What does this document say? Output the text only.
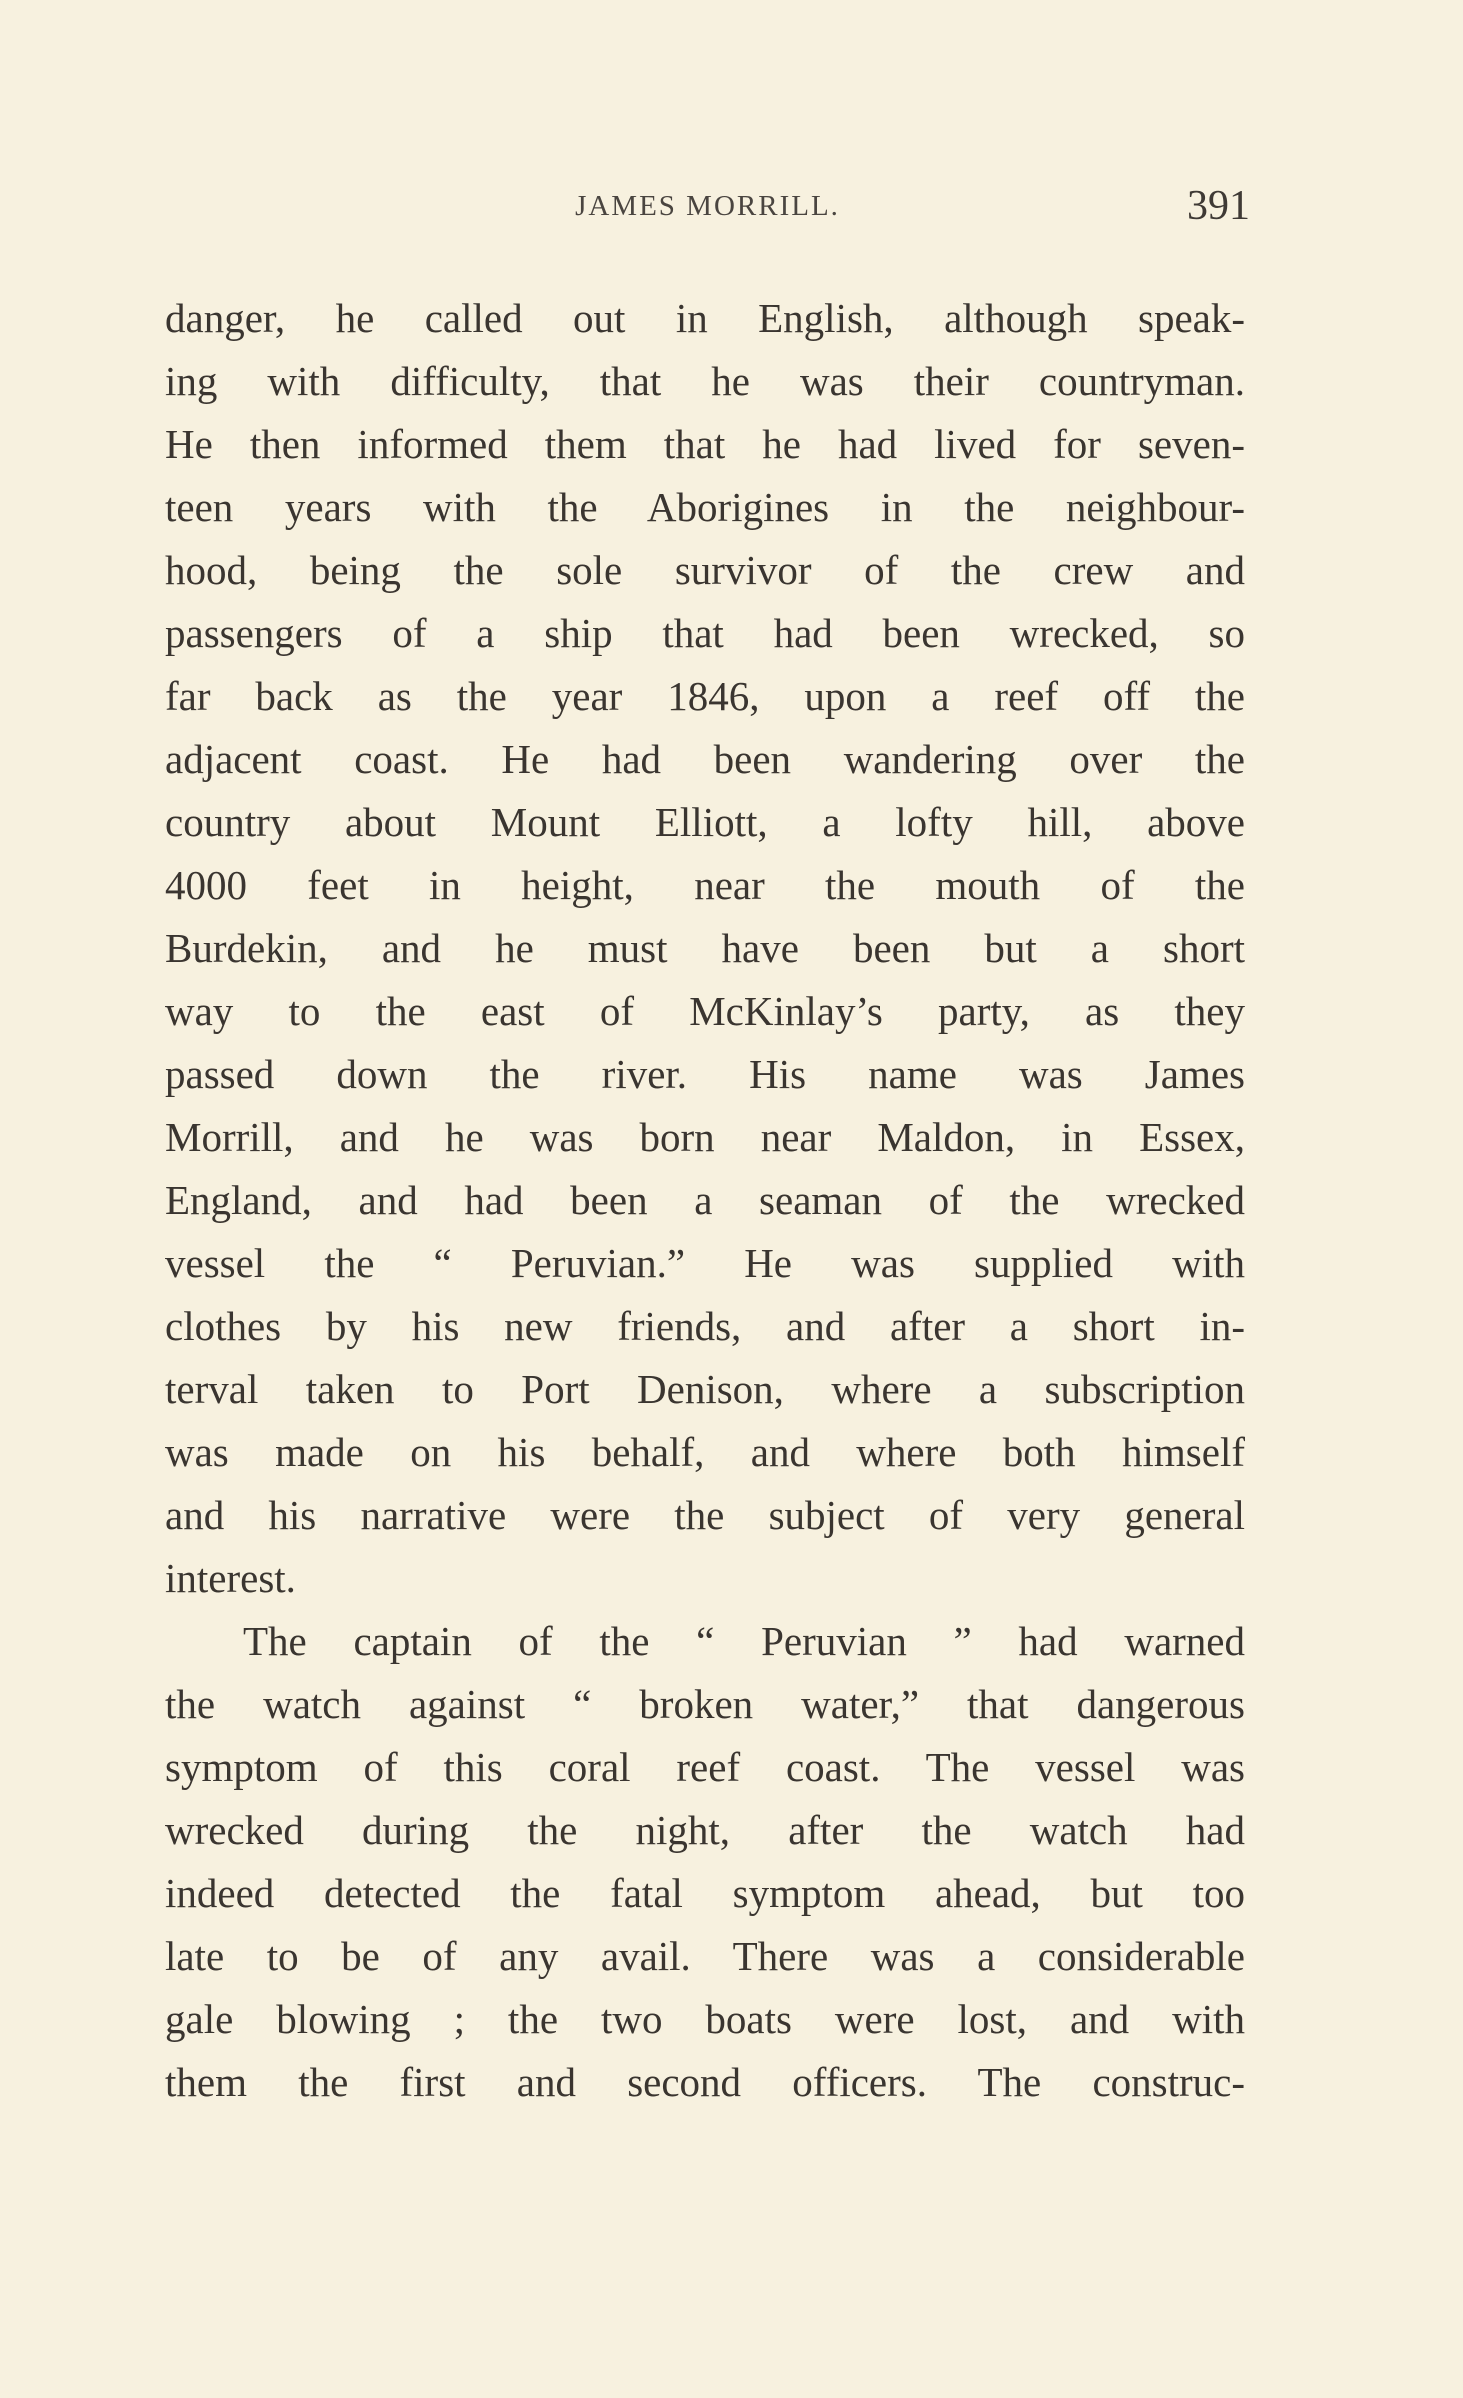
JAMES MORRILL.	391
danger, he called out in English, although speak-
ing with difficulty, that he was their countryman.
He then informed them that he had lived for seven-
teen years with the Aborigines in the neighbour-
hood, being the sole survivor of the crew and
passengers of a ship that had been wrecked, so
far back as the year 1846, upon a reef off the
adjacent coast. He had been wandering over the
country about Mount Elliott, a lofty hill, above
4000 feet in height, near the mouth of the
Burdekin, and he must have been but a short
way to the east of McKinlay’s party, as they
passed down the river. His name was James
Morrill, and he was born near Maldon, in Essex,
England, and had been a seaman of the wrecked
vessel the “ Peruvian.” He was supplied with
clothes by his new friends, and after a short in-
terval taken to Port Denison, where a subscription
was made on his behalf, and where both himself
and his narrative were the subject of very general
interest.
The captain of the “ Peruvian ” had warned
the watch against “ broken water,” that dangerous
symptom of this coral reef coast. The vessel was
wrecked during the night, after the watch had
indeed detected the fatal symptom ahead, but too
late to be of any avail. There was a considerable
gale blowing ; the two boats were lost, and with
them the first and second officers. The construc-
